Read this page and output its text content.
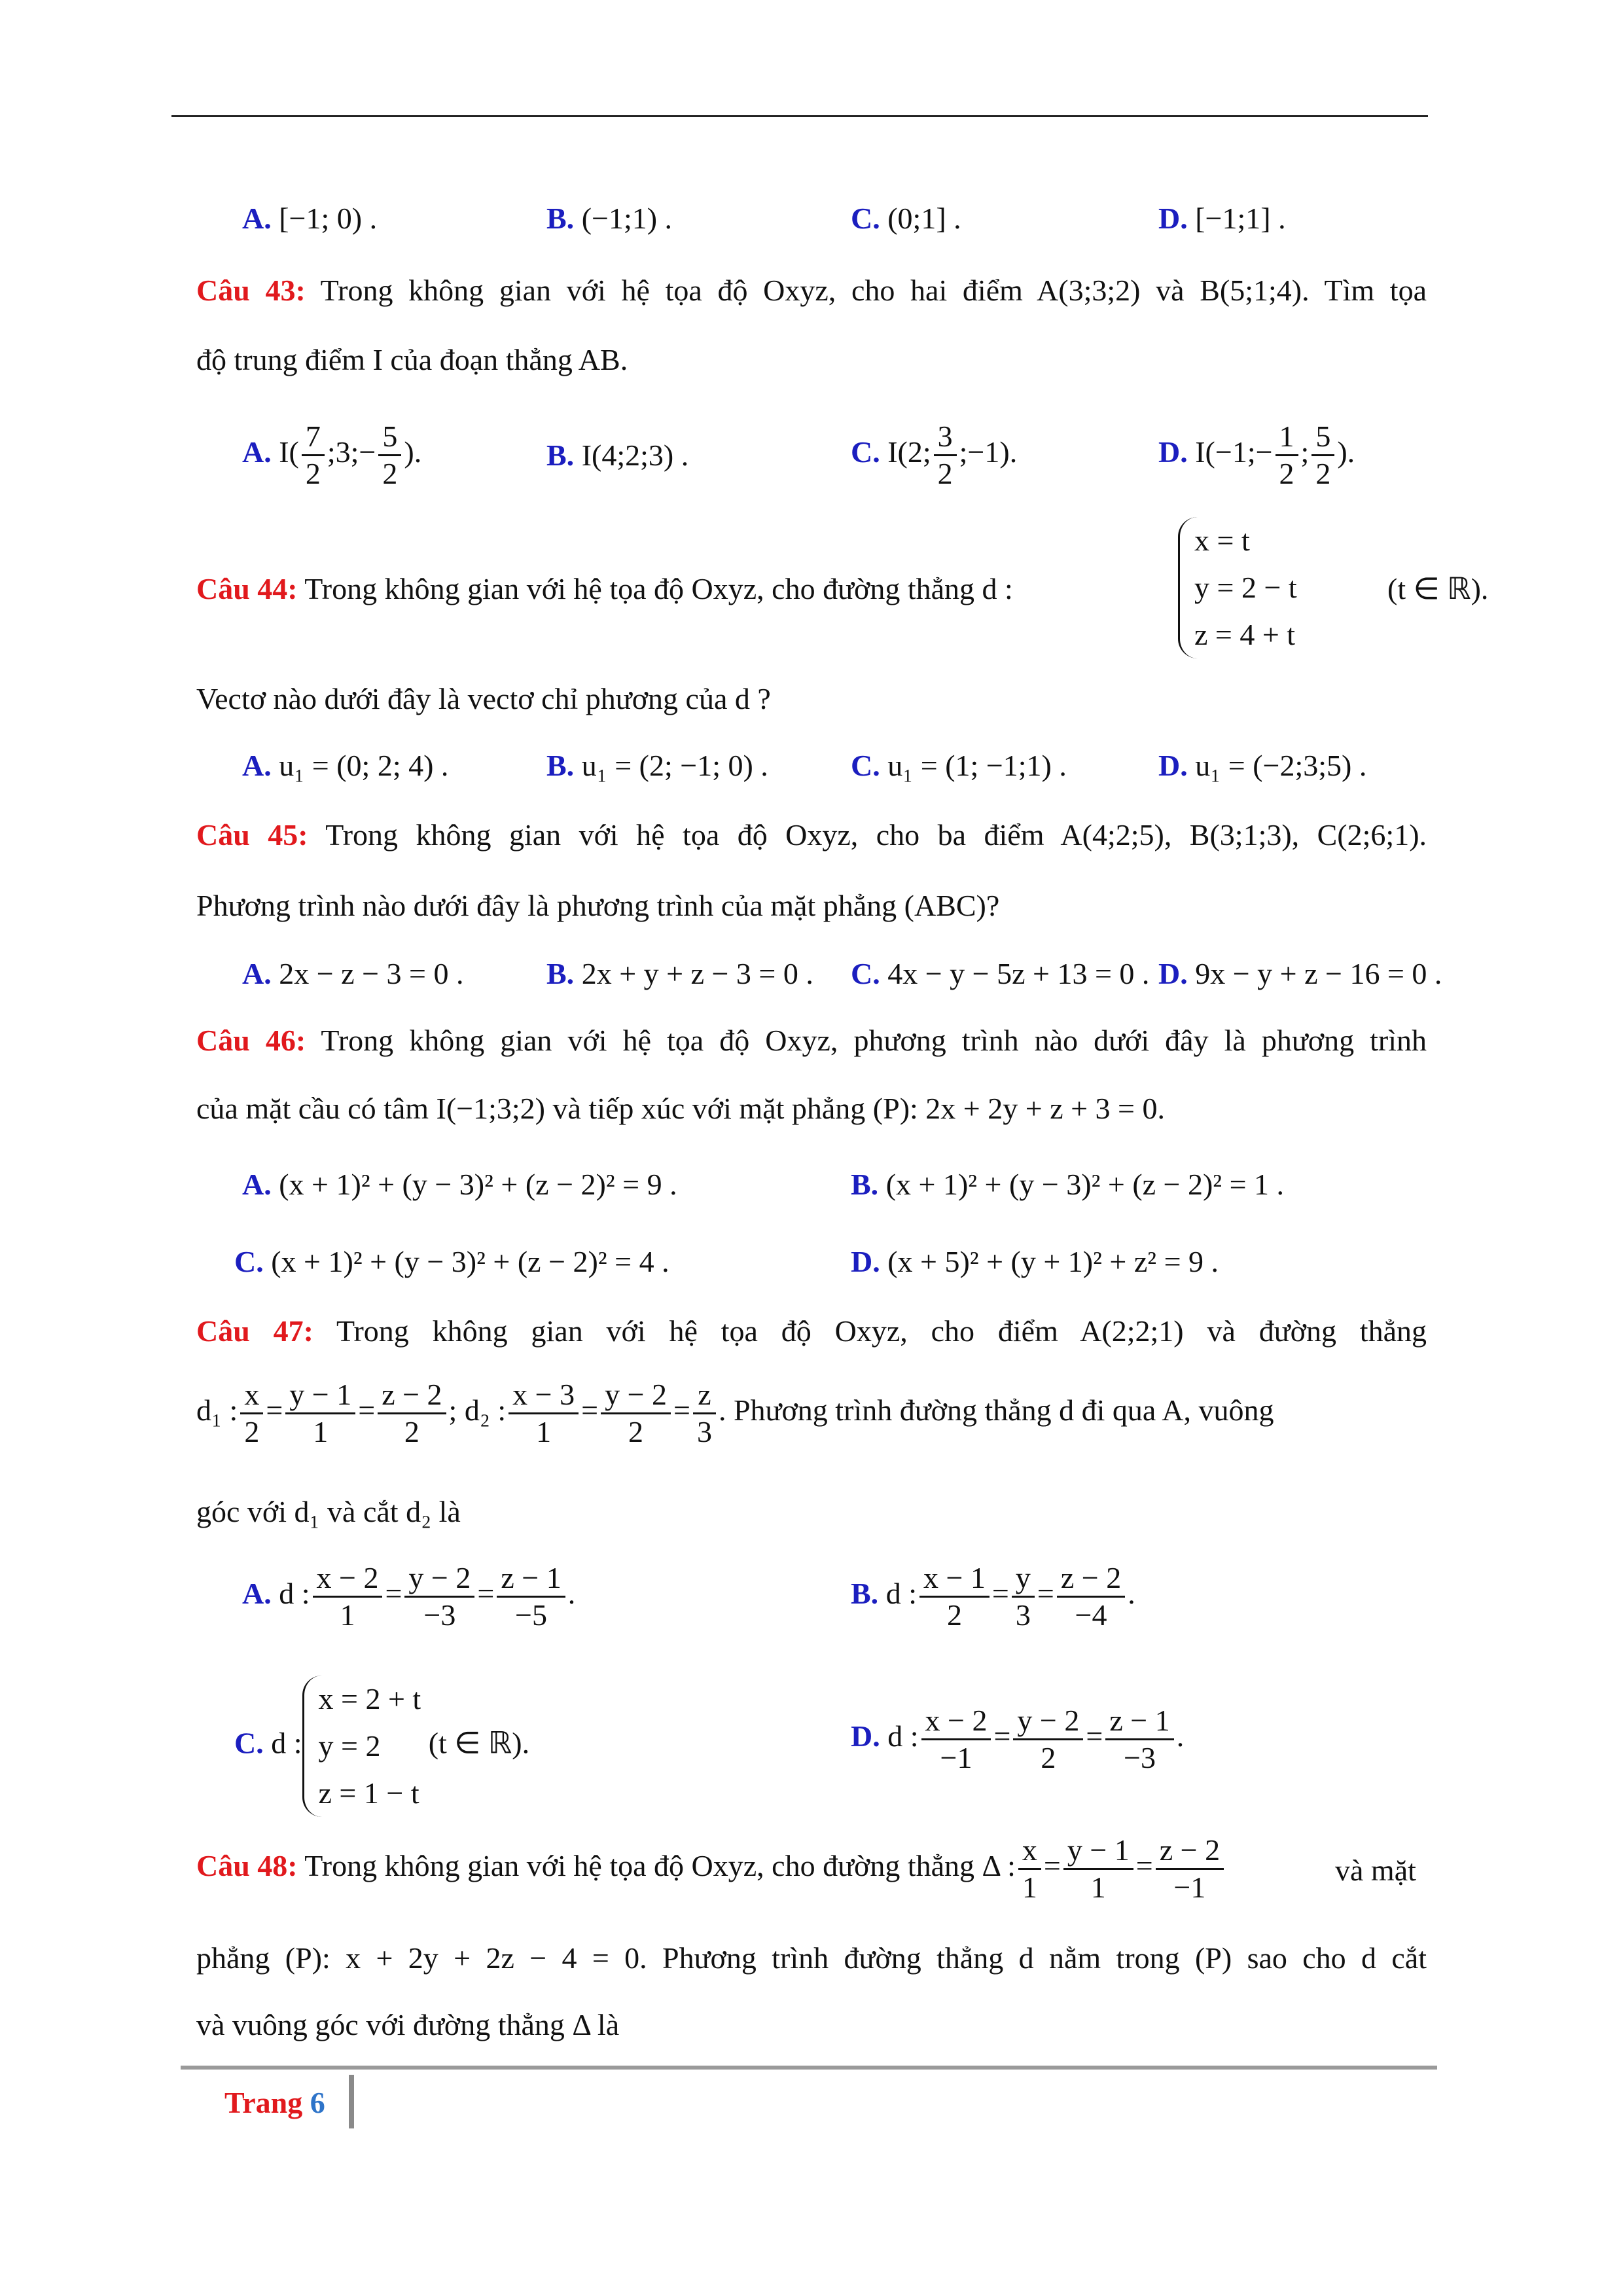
A. [−1; 0) .	B. (−1;1) .	C. (0;1] .	D. [−1;1] .
Câu 43: Trong không gian với hệ tọa độ Oxyz, cho hai điểm A(3;3;2) và B(5;1;4). Tìm tọa
độ trung điểm I của đoạn thẳng AB.
A. $I( \frac{7}{2}$ ;3;− $\frac{5}{2}$ ).	B. I(4;2;3) .	C. I(2; $\frac{3}{2}$ ;−1).	D. I(−1;− $\frac{1}{2}$ ; $\frac{5}{2}$ ).
Câu 44: Trong không gian với hệ tọa độ Oxyz, cho đường thẳng d :
x = t
y = 2 − t
z = 4 + t
(t ∈ ℝ).
Vectơ nào dưới đây là vectơ chỉ phương của d ?
A. u₁ = (0; 2; 4) .	B. u₁ = (2; −1; 0) .	C. u₁ = (1; −1;1) .	D. u₁ = (−2;3;5) .
Câu 45: Trong không gian với hệ tọa độ Oxyz, cho ba điểm A(4;2;5), B(3;1;3), C(2;6;1).
Phương trình nào dưới đây là phương trình của mặt phẳng (ABC)?
A. 2x − z − 3 = 0 .	B. 2x + y + z − 3 = 0 . C. 4x − y − 5z + 13 = 0 . D. 9x − y + z − 16 = 0 .
Câu 46: Trong không gian với hệ tọa độ Oxyz, phương trình nào dưới đây là phương trình
của mặt cầu có tâm I(−1;3;2) và tiếp xúc với mặt phẳng (P): 2x + 2y + z + 3 = 0.
A. (x + 1)² + (y − 3)² + (z − 2)² = 9 .	B. (x + 1)² + (y − 3)² + (z − 2)² = 1 .
C. (x + 1)² + (y − 3)² + (z − 2)² = 4 .	D. (x + 5)² + (y + 1)² + z² = 9 .
Câu 47: Trong không gian với hệ tọa độ Oxyz, cho điểm A(2;2;1) và đường thẳng
d₁ : $\frac{x}{2} = \frac{y - 1}{1} = \frac{z - 2}{2}$ ; d₂ : $\frac{x - 3}{1} = \frac{y - 2}{2} = \frac{z}{3}$ . Phương trình đường thẳng d đi qua A, vuông
góc với d₁ và cắt d₂ là
A. d : $\frac{x - 2}{1} = \frac{y - 2}{-3} = \frac{z - 1}{-5}$ .	B. d : $\frac{x - 1}{2} = \frac{y}{3} = \frac{z - 2}{-4}$ .
C. d :
x = 2 + t
y = 2
z = 1 − t
(t ∈ ℝ).	D. d : $\frac{x - 2}{-1} = \frac{y - 2}{2} = \frac{z - 1}{-3}$ .
Câu 48: Trong không gian với hệ tọa độ Oxyz, cho đường thẳng Δ : $\frac{x}{1} = \frac{y - 1}{1} = \frac{z - 2}{-1}$	và mặt
phẳng (P): x + 2y + 2z − 4 = 0. Phương trình đường thẳng d nằm trong (P) sao cho d cắt
và vuông góc với đường thẳng Δ là
Trang 6
